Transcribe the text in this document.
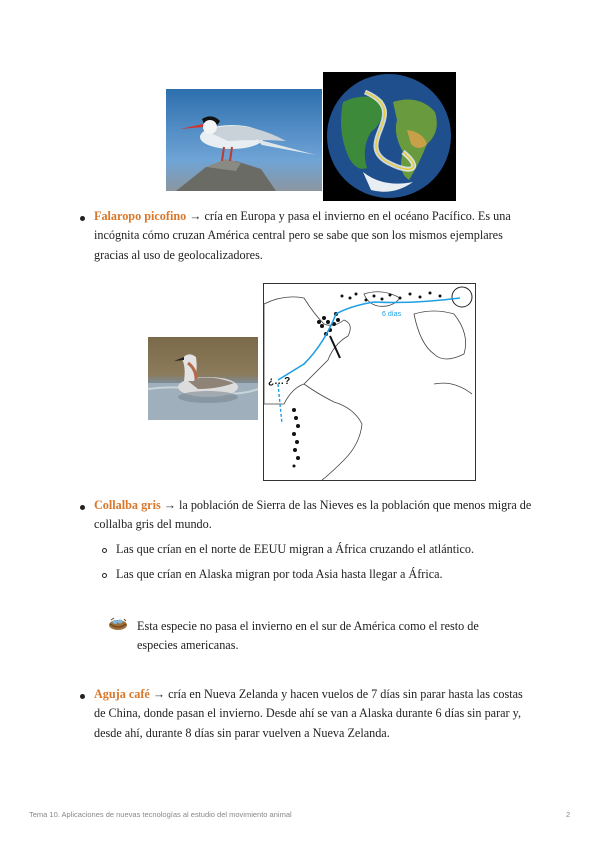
Falaropo picofino → cría en Europa y pasa el invierno en el océano Pacífico. Es una incógnita cómo cruzan América central pero se sabe que son los mismos ejemplares gracias al uso de geolocalizadores.
6 días
¿…?
Collalba gris → la población de Sierra de las Nieves es la población que menos migra de collalba gris del mundo.
Las que crían en el norte de EEUU migran a África cruzando el atlántico.
Las que crían en Alaska migran por toda Asia hasta llegar a África.
Esta especie no pasa el invierno en el sur de América como el resto de especies americanas.
Aguja café → cría en Nueva Zelanda y hacen vuelos de 7 días sin parar hasta las costas de China, donde pasan el invierno. Desde ahí se van a Alaska durante 6 días sin parar y, desde ahí, durante 8 días sin parar vuelven a Nueva Zelanda.
Tema 10. Aplicaciones de nuevas tecnologías al estudio del movimiento animal	2
